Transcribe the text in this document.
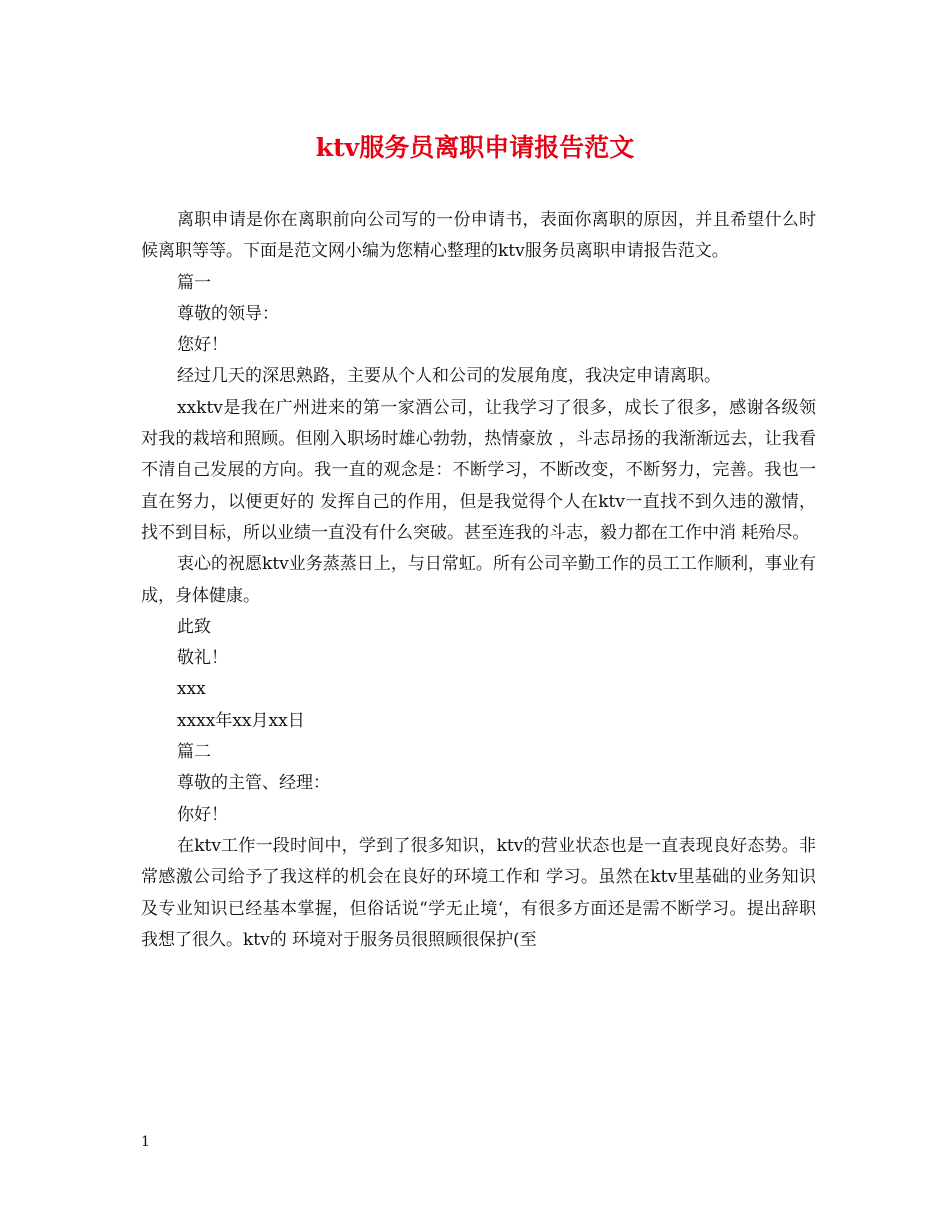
ktv服务员离职申请报告范文

离职申请是你在离职前向公司写的一份申请书，表面你离职的原因，并且希望什么时候离职等等。下面是范文网小编为您精心整理的ktv服务员离职申请报告范文。

篇一

尊敬的领导：

您好！

经过几天的深思熟路，主要从个人和公司的发展角度，我决定申请离职。

xxktv是我在广州进来的第一家酒公司，让我学习了很多，成长了很多，感谢各级领对我的栽培和照顾。但刚入职场时雄心勃勃，热情豪放 ，斗志昂扬的我渐渐远去，让我看不清自己发展的方向。我一直的观念是：不断学习，不断改变，不断努力，完善。我也一直在努力，以便更好的 发挥自己的作用，但是我觉得个人在ktv一直找不到久违的激情，找不到目标，所以业绩一直没有什么突破。甚至连我的斗志，毅力都在工作中消 耗殆尽。

衷心的祝愿ktv业务蒸蒸日上，与日常虹。所有公司辛勤工作的员工工作顺利，事业有成，身体健康。

此致

敬礼！

xxx

xxxx年xx月xx日

篇二

尊敬的主管、经理：

你好！

在ktv工作一段时间中，学到了很多知识，ktv的营业状态也是一直表现良好态势。非常感激公司给予了我这样的机会在良好的环境工作和 学习。虽然在ktv里基础的业务知识及专业知识已经基本掌握，但俗话说“学无止境‘，有很多方面还是需不断学习。提出辞职我想了很久。ktv的 环境对于服务员很照顾很保护(至

1
